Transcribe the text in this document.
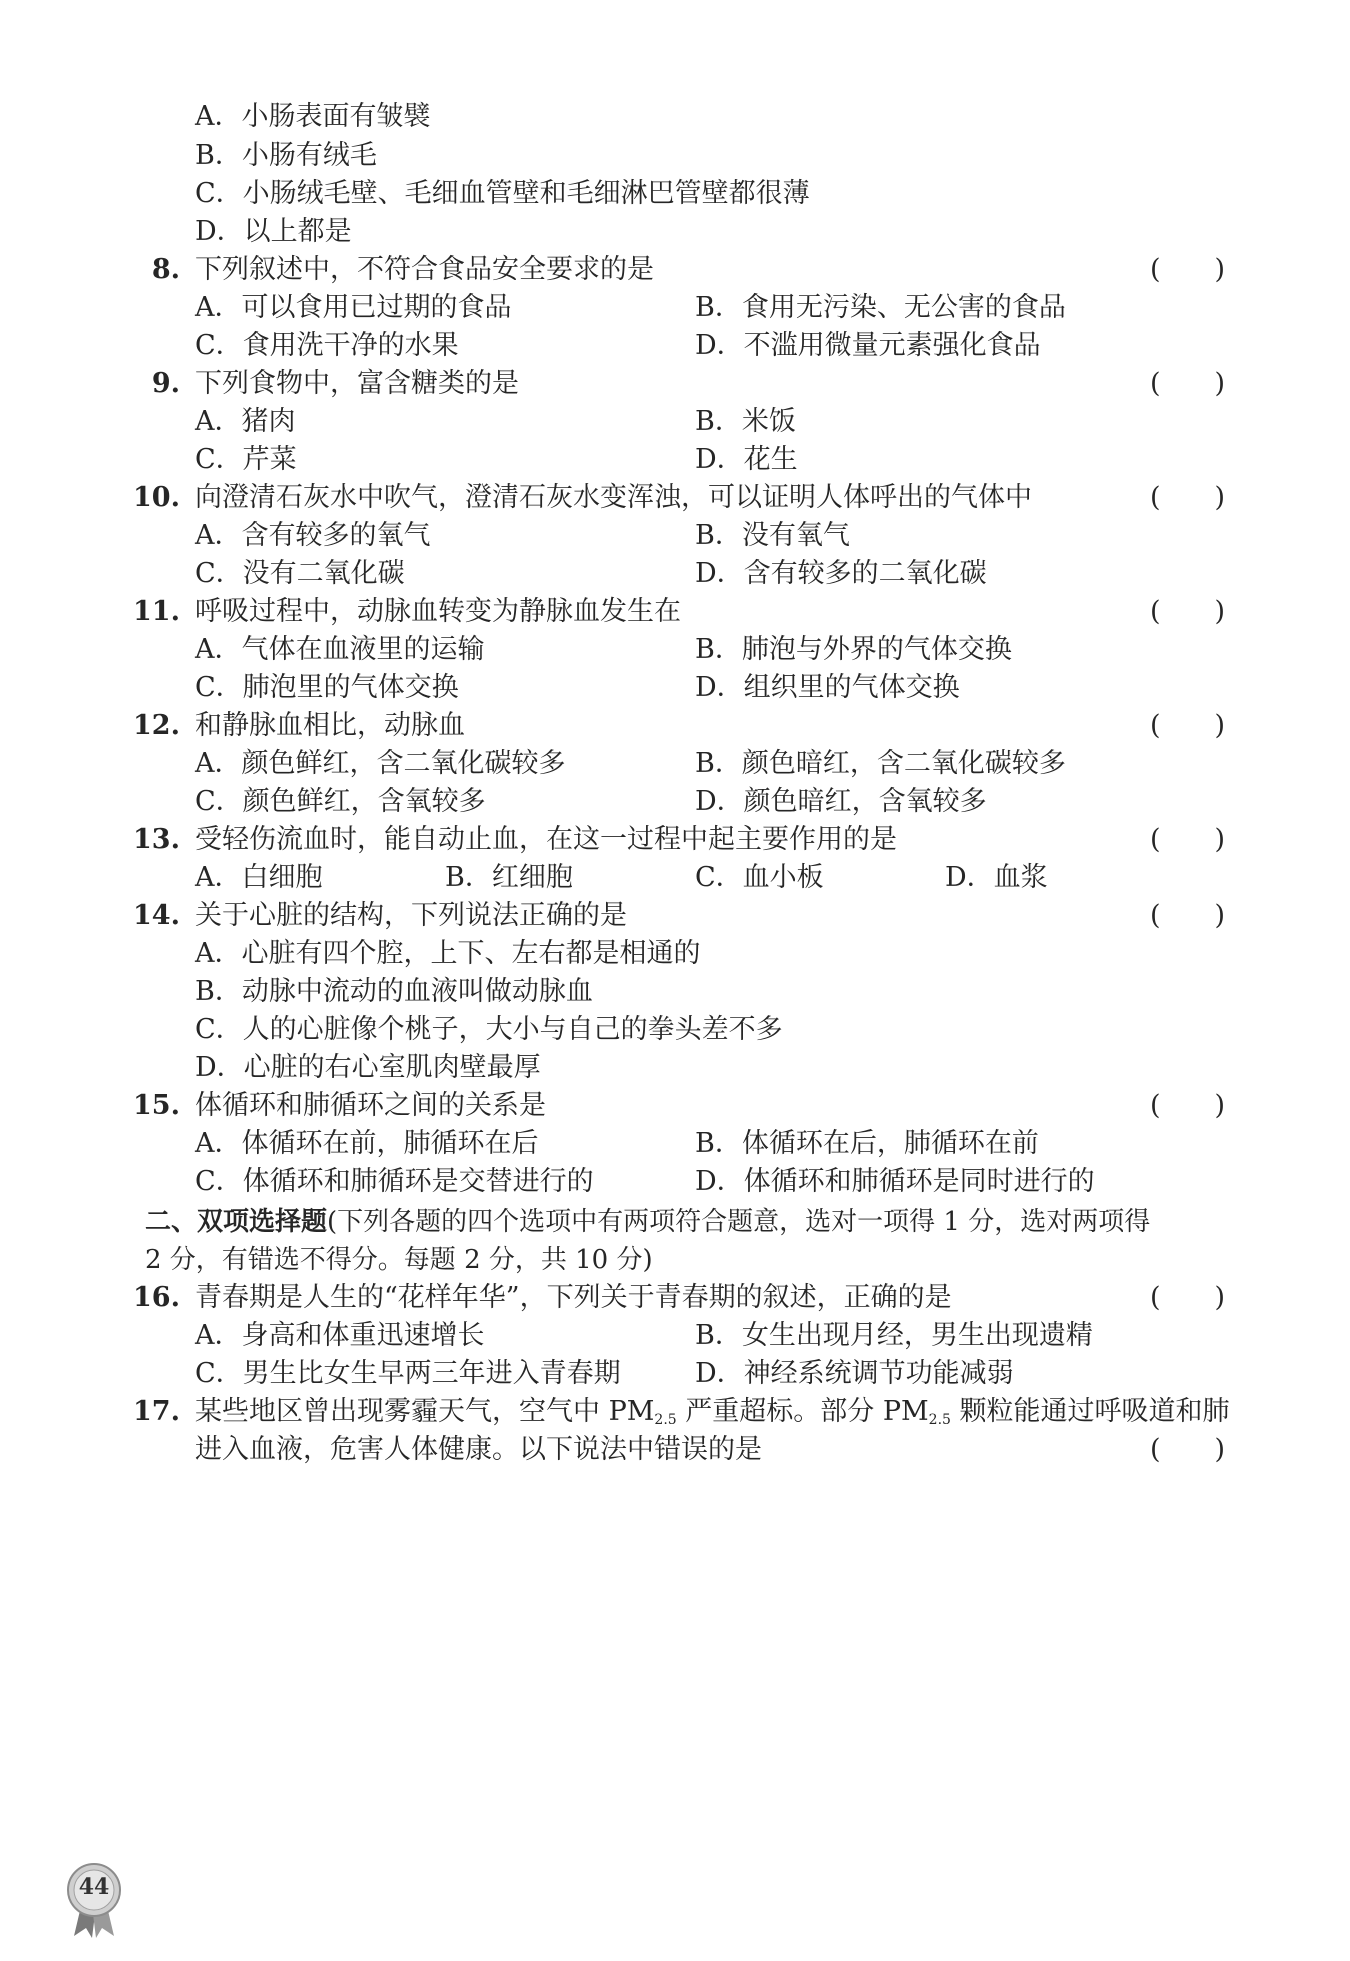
A．小肠表面有皱襞
B．小肠有绒毛
C．小肠绒毛壁、毛细血管壁和毛细淋巴管壁都很薄
D．以上都是
8. 下列叙述中，不符合食品安全要求的是	(　　)
A．可以食用已过期的食品	B．食用无污染、无公害的食品
C．食用洗干净的水果	D．不滥用微量元素强化食品
9. 下列食物中，富含糖类的是	(　　)
A．猪肉	B．米饭
C．芹菜	D．花生
10. 向澄清石灰水中吹气，澄清石灰水变浑浊，可以证明人体呼出的气体中	(　　)
A．含有较多的氧气	B．没有氧气
C．没有二氧化碳	D．含有较多的二氧化碳
11. 呼吸过程中，动脉血转变为静脉血发生在	(　　)
A．气体在血液里的运输	B．肺泡与外界的气体交换
C．肺泡里的气体交换	D．组织里的气体交换
12. 和静脉血相比，动脉血	(　　)
A．颜色鲜红，含二氧化碳较多	B．颜色暗红，含二氧化碳较多
C．颜色鲜红，含氧较多	D．颜色暗红，含氧较多
13. 受轻伤流血时，能自动止血，在这一过程中起主要作用的是	(　　)
A．白细胞	B．红细胞	C．血小板	D．血浆
14. 关于心脏的结构，下列说法正确的是	(　　)
A．心脏有四个腔，上下、左右都是相通的
B．动脉中流动的血液叫做动脉血
C．人的心脏像个桃子，大小与自己的拳头差不多
D．心脏的右心室肌肉壁最厚
15. 体循环和肺循环之间的关系是	(　　)
A．体循环在前，肺循环在后	B．体循环在后，肺循环在前
C．体循环和肺循环是交替进行的	D．体循环和肺循环是同时进行的
二、双项选择题(下列各题的四个选项中有两项符合题意，选对一项得 1 分，选对两项得
2 分，有错选不得分。每题 2 分，共 10 分)
16. 青春期是人生的“花样年华”，下列关于青春期的叙述，正确的是	(　　)
A．身高和体重迅速增长	B．女生出现月经，男生出现遗精
C．男生比女生早两三年进入青春期	D．神经系统调节功能减弱
17. 某些地区曾出现雾霾天气，空气中 $PM_{2.5}$ 严重超标。部分 $PM_{2.5}$ 颗粒能通过呼吸道和肺
进入血液，危害人体健康。以下说法中错误的是	(　　)
44
